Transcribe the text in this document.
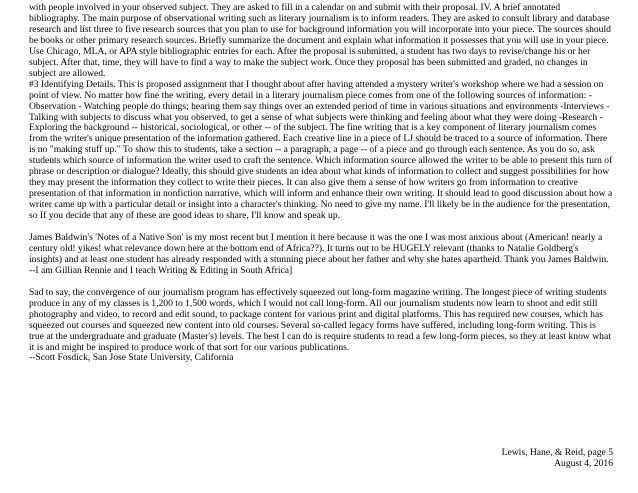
with people involved in your observed subject. They are asked to fill in a calendar on and submit with their proposal. IV. A brief annotated bibliography. The main purpose of observational writing such as literary journalism is to inform readers. They are asked to consult library and database research and list three to five research sources that you plan to use for background information you will incorporate into your piece. The sources should be books or other primary research sources. Briefly summarize the document and explain what information it possesses that you will use in your piece. Use Chicago, MLA, or APA style bibliographic entries for each. After the proposal is submitted, a student has two days to revise/change his or her subject. After that, time, they will have to find a way to make the subject work. Once they proposal has been submitted and graded, no changes in subject are allowed.

#3 Identifying Details. This is proposed assignment that I thought about after having attended a mystery writer's workshop where we had a session on point of view. No matter how fine the writing, every detail in a literary journalism piece comes from one of the following sources of information: -Observation - Watching people do things; hearing them say things over an extended period of time in various situations and environments -Interviews - Talking with subjects to discuss what you observed, to get a sense of what subjects were thinking and feeling about what they were doing -Research - Exploring the background -- historical, sociological, or other -- of the subject. The fine writing that is a key component of literary journalism comes from the writer's unique presentation of the information gathered. Each creative line in a piece of LJ should be traced to a source of information. There is no "making stuff up." To show this to students, take a section -- a paragraph, a page -- of a piece and go through each sentence. As you do so, ask students which source of information the writer used to craft the sentence. Which information source allowed the writer to be able to present this turn of phrase or description or dialogue? Ideally, this should give students an idea about what kinds of information to collect and suggest possibilities for how they may present the information they collect to write their pieces. It can also give them a sense of how writers go from information to creative presentation of that information in nonfiction narrative, which will inform and enhance their own writing. It should lead to good discussion about how a writer came up with a particular detail or insight into a character's thinking. No need to give my name. I'll likely be in the audience for the presentation, so If you decide that any of these are good ideas to share, I'll know and speak up.

James Baldwin's 'Notes of a Native Son' is my most recent but I mention it here because it was the one I was most anxious about (American! nearly a century old! yikes! what relevance down here at the bottom end of Africa??). It turns out to be HUGELY relevant (thanks to Natalie Goldberg's insights) and at least one student has already responded with a stunning piece about her father and why she hates apartheid. Thank you James Baldwin.

--I am Gillian Rennie and I teach Writing & Editing in South Africa]

Sad to say, the convergence of our journalism program has effectively squeezed out long-form magazine writing. The longest piece of writing students produce in any of my classes is 1,200 to 1,500 words, which I would not call long-form. All our journalism students now learn to shoot and edit still photography and video, to record and edit sound, to package content for various print and digital platforms. This has required new courses, which has squeezed out courses and squeezed new content into old courses. Several so-called legacy forms have suffered, including long-form writing. This is true at the undergraduate and graduate (Master's) levels. The best I can do is require students to read a few long-form pieces, so they at least know what it is and might be inspired to produce work of that sort for our various publications.

--Scott Fosdick, San Jose State University, California

Lewis, Hane, & Reid, page 5
August 4, 2016
